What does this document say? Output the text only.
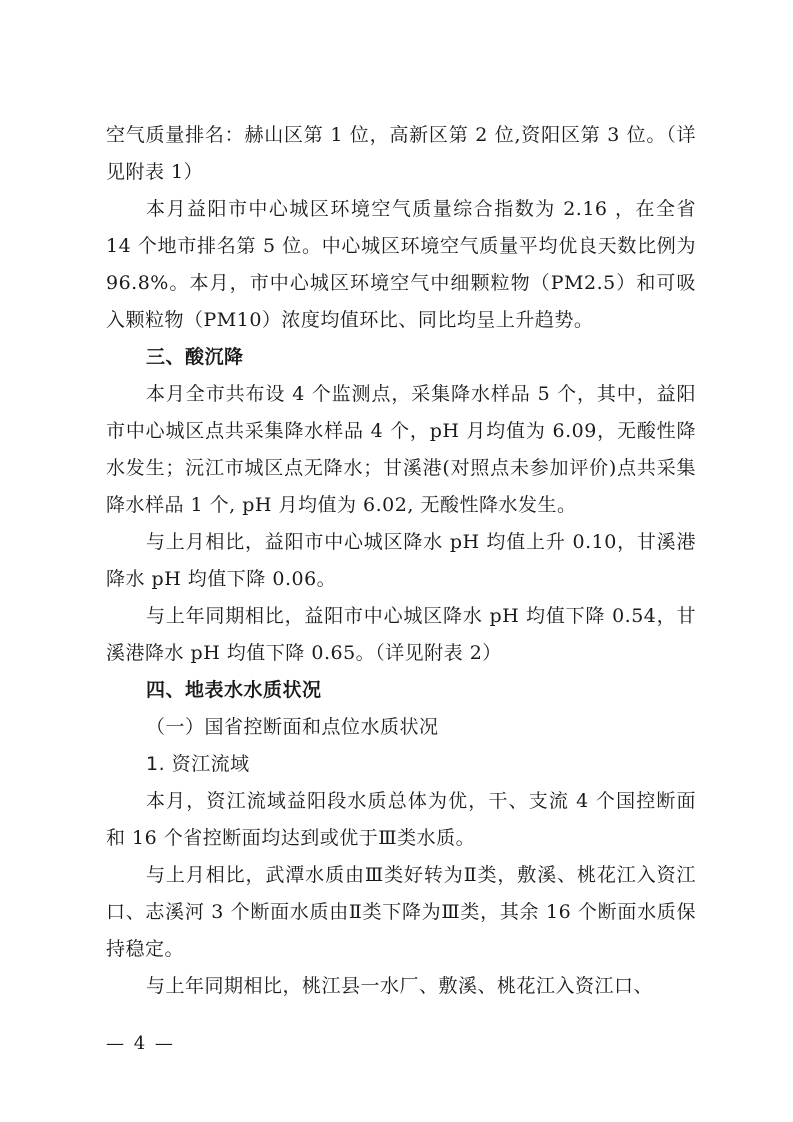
空气质量排名：赫山区第 1 位，高新区第 2 位,资阳区第 3 位。（详见附表 1）

本月益阳市中心城区环境空气质量综合指数为 2.16 ，在全省 14 个地市排名第 5 位。中心城区环境空气质量平均优良天数比例为 96.8%。本月，市中心城区环境空气中细颗粒物（PM2.5）和可吸入颗粒物（PM10）浓度均值环比、同比均呈上升趋势。

三、酸沉降

本月全市共布设 4 个监测点，采集降水样品 5 个，其中，益阳市中心城区点共采集降水样品 4 个，pH 月均值为 6.09，无酸性降水发生；沅江市城区点无降水；甘溪港(对照点未参加评价)点共采集降水样品 1 个, pH 月均值为 6.02, 无酸性降水发生。

与上月相比，益阳市中心城区降水 pH 均值上升 0.10，甘溪港降水 pH 均值下降 0.06。

与上年同期相比，益阳市中心城区降水 pH 均值下降 0.54，甘溪港降水 pH 均值下降 0.65。（详见附表 2）

四、地表水水质状况

（一）国省控断面和点位水质状况

1. 资江流域

本月，资江流域益阳段水质总体为优，干、支流 4 个国控断面和 16 个省控断面均达到或优于Ⅲ类水质。

与上月相比，武潭水质由Ⅲ类好转为Ⅱ类，敷溪、桃花江入资江口、志溪河 3 个断面水质由Ⅱ类下降为Ⅲ类，其余 16 个断面水质保持稳定。

与上年同期相比，桃江县一水厂、敷溪、桃花江入资江口、

— 4 —
